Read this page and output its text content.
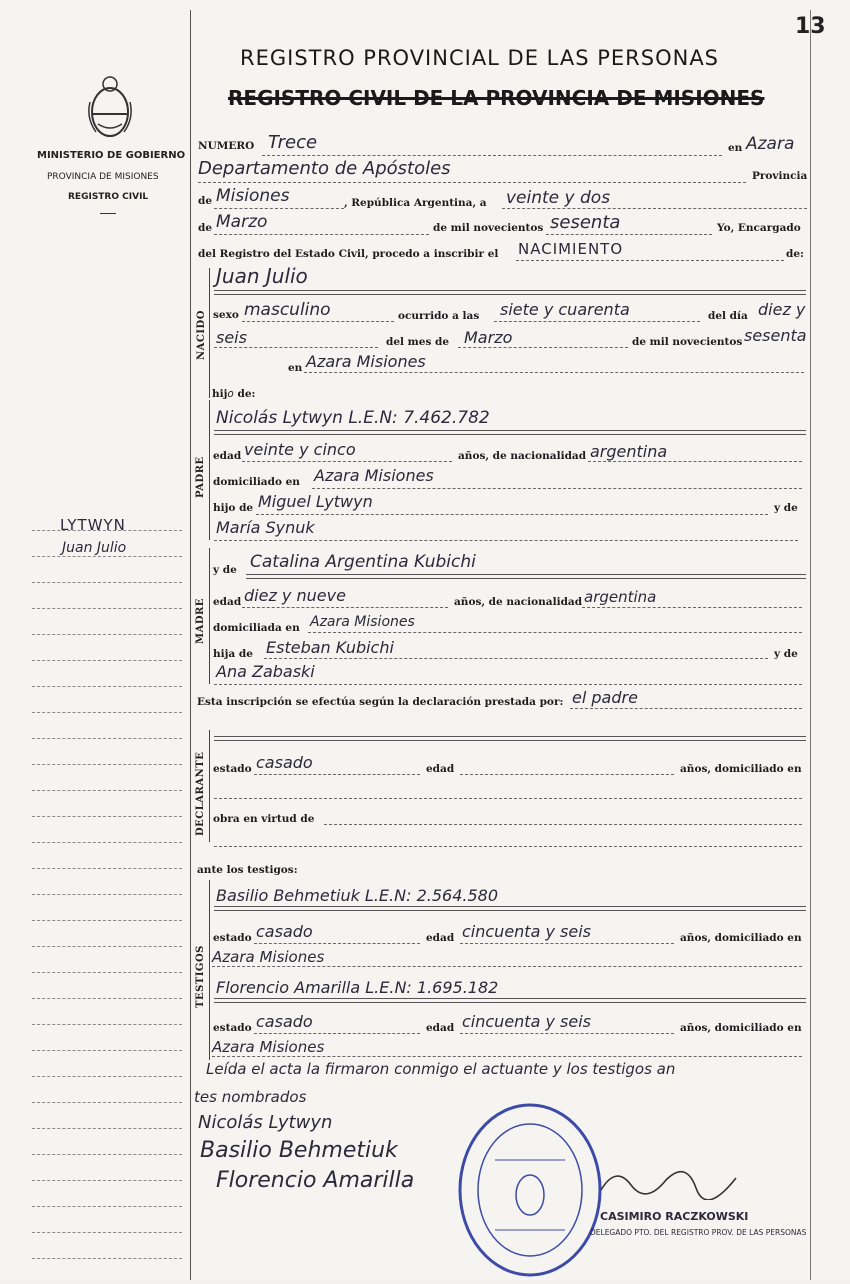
13
MINISTERIO DE GOBIERNO
PROVINCIA DE MISIONES
REGISTRO CIVIL
LYTWYN
Juan Julio
REGISTRO PROVINCIAL DE LAS PERSONAS
REGISTRO CIVIL DE LA PROVINCIA DE MISIONES
NUMERO Trece	en Azara
Departamento de Apóstoles	Provincia
de Misiones	, República Argentina, a veinte y dos
de Marzo	de mil novecientos sesenta	Yo, Encargado
del Registro del Estado Civil, procedo a inscribir el NACIMIENTO	de:
NACIDO
Juan Julio
sexo masculino	ocurrido a las siete y cuarenta	del día diez y
seis	del mes de Marzo	de mil novecientos sesenta
en Azara Misiones
hijo de:
PADRE
Nicolás Lytwyn L.E.N: 7.462.782
edad veinte y cinco	años, de nacionalidad argentina
domiciliado en Azara Misiones
hijo de Miguel Lytwyn	y de
María Synuk
MADRE
y de Catalina Argentina Kubichi
edad diez y nueve	años, de nacionalidad argentina
domiciliada en Azara Misiones
hija de Esteban Kubichi	y de
Ana Zabaski
Esta inscripción se efectúa según la declaración prestada por: el padre
DECLARANTE estado casado	edad	años, domiciliado en
obra en virtud de
ante los testigos:
TESTIGOS
Basilio Behmetiuk L.E.N: 2.564.580
estado casado	edad cincuenta y seis	años, domiciliado en
Azara Misiones
Florencio Amarilla L.E.N: 1.695.182
estado casado	edad cincuenta y seis	años, domiciliado en
Azara Misiones
Leída el acta la firmaron conmigo el actuante y los testigos an
tes nombrados
Nicolás Lytwyn
Basilio Behmetiuk
Florencio Amarilla
CASIMIRO RACZKOWSKI
DELEGADO PTO. DEL REGISTRO PROV. DE LAS PERSONAS
